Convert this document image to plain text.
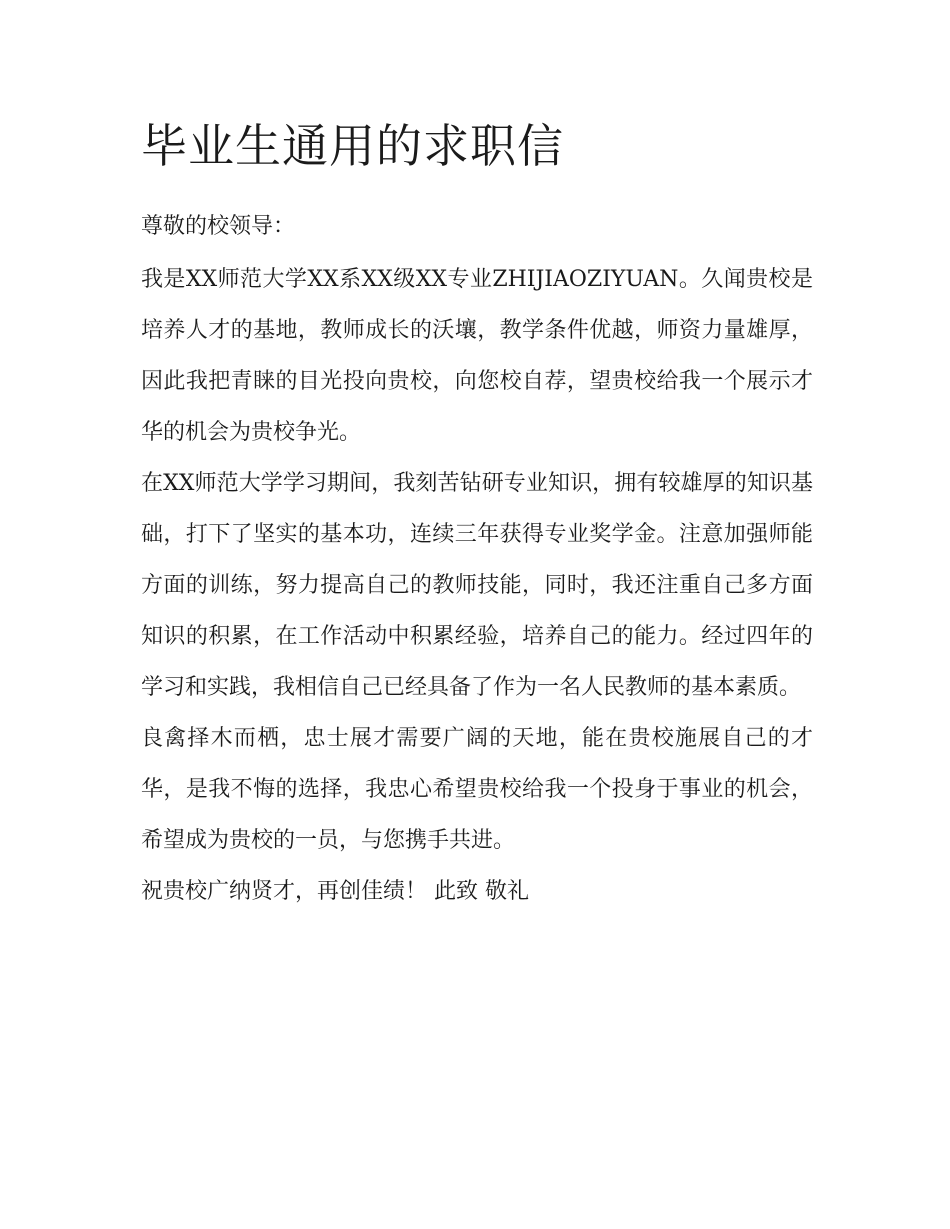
毕业生通用的求职信

尊敬的校领导：

我是XX师范大学XX系XX级XX专业ZHIJIAOZIYUAN。久闻贵校是培养人才的基地，教师成长的沃壤，教学条件优越，师资力量雄厚，因此我把青睐的目光投向贵校，向您校自荐，望贵校给我一个展示才华的机会为贵校争光。

在XX师范大学学习期间，我刻苦钻研专业知识，拥有较雄厚的知识基础，打下了坚实的基本功，连续三年获得专业奖学金。注意加强师能方面的训练，努力提高自己的教师技能，同时，我还注重自己多方面知识的积累，在工作活动中积累经验，培养自己的能力。经过四年的学习和实践，我相信自己已经具备了作为一名人民教师的基本素质。

良禽择木而栖，忠士展才需要广阔的天地，能在贵校施展自己的才华，是我不悔的选择，我忠心希望贵校给我一个投身于事业的机会，希望成为贵校的一员，与您携手共进。

祝贵校广纳贤才，再创佳绩！ 此致 敬礼
